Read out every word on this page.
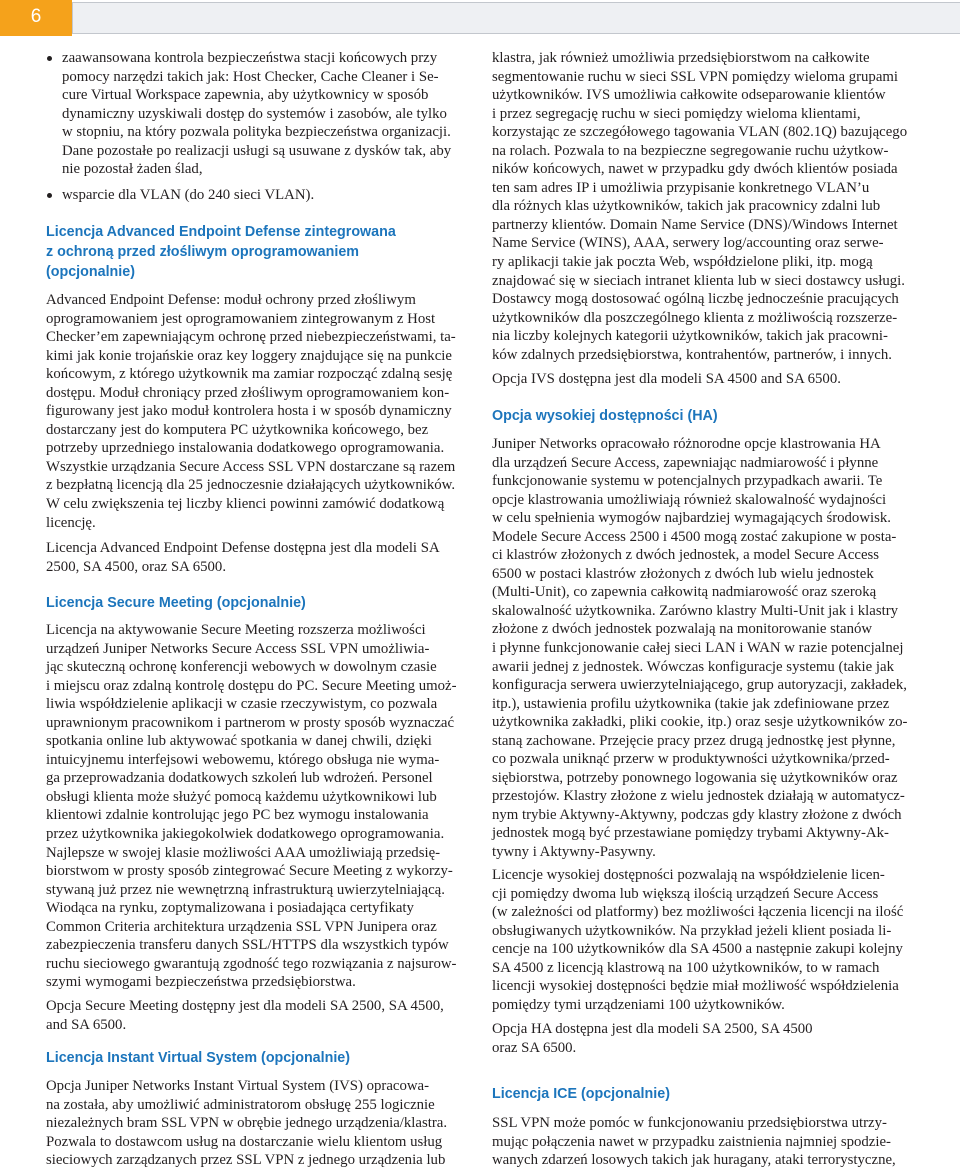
6
zaawansowana kontrola bezpieczeństwa stacji końcowych przy
pomocy narzędzi takich jak: Host Checker, Cache Cleaner i Se-
cure Virtual Workspace zapewnia, aby użytkownicy w sposób
dynamiczny uzyskiwali dostęp do systemów i zasobów, ale tylko
w stopniu, na który pozwala polityka bezpieczeństwa organizacji.
Dane pozostałe po realizacji usługi są usuwane z dysków tak, aby
nie pozostał żaden ślad,
wsparcie dla VLAN (do 240 sieci VLAN).
Licencja Advanced Endpoint Defense zintegrowana
z ochroną przed złośliwym oprogramowaniem
(opcjonalnie)
Advanced Endpoint Defense: moduł ochrony przed złośliwym
oprogramowaniem jest oprogramowaniem zintegrowanym z Host
Checker’em zapewniającym ochronę przed niebezpieczeństwami, ta-
kimi jak konie trojańskie oraz key loggery znajdujące się na punkcie
końcowym, z którego użytkownik ma zamiar rozpocząć zdalną sesję
dostępu. Moduł chroniący przed złośliwym oprogramowaniem kon-
figurowany jest jako moduł kontrolera hosta i w sposób dynamiczny
dostarczany jest do komputera PC użytkownika końcowego, bez
potrzeby uprzedniego instalowania dodatkowego oprogramowania.
Wszystkie urządzania Secure Access SSL VPN dostarczane są razem
z bezpłatną licencją dla 25 jednoczesnie działających użytkowników.
W celu zwiększenia tej liczby klienci powinni zamówić dodatkową
licencję.
Licencja Advanced Endpoint Defense dostępna jest dla modeli SA
2500, SA 4500, oraz SA 6500.
Licencja Secure Meeting (opcjonalnie)
Licencja na aktywowanie Secure Meeting rozszerza możliwości
urządzeń Juniper Networks Secure Access SSL VPN umożliwia-
jąc skuteczną ochronę konferencji webowych w dowolnym czasie
i miejscu oraz zdalną kontrolę dostępu do PC. Secure Meeting umoż-
liwia współdzielenie aplikacji w czasie rzeczywistym, co pozwala
uprawnionym pracownikom i partnerom w prosty sposób wyznaczać
spotkania online lub aktywować spotkania w danej chwili, dzięki
intuicyjnemu interfejsowi webowemu, którego obsługa nie wyma-
ga przeprowadzania dodatkowych szkoleń lub wdrożeń. Personel
obsługi klienta może służyć pomocą każdemu użytkownikowi lub
klientowi zdalnie kontrolując jego PC bez wymogu instalowania
przez użytkownika jakiegokolwiek dodatkowego oprogramowania.
Najlepsze w swojej klasie możliwości AAA umożliwiają przedsię-
biorstwom w prosty sposób zintegrować Secure Meeting z wykorzy-
stywaną już przez nie wewnętrzną infrastrukturą uwierzytelniającą.
Wiodąca na rynku, zoptymalizowana i posiadająca certyfikaty
Common Criteria architektura urządzenia SSL VPN Junipera oraz
zabezpieczenia transferu danych SSL/HTTPS dla wszystkich typów
ruchu sieciowego gwarantują zgodność tego rozwiązania z najsurow-
szymi wymogami bezpieczeństwa przedsiębiorstwa.
Opcja Secure Meeting dostępny jest dla modeli SA 2500, SA 4500,
and SA 6500.
Licencja Instant Virtual System (opcjonalnie)
Opcja Juniper Networks Instant Virtual System (IVS) opracowa-
na została, aby umożliwić administratorom obsługę 255 logicznie
niezależnych bram SSL VPN w obrębie jednego urządzenia/klastra.
Pozwala to dostawcom usług na dostarczanie wielu klientom usług
sieciowych zarządzanych przez SSL VPN z jednego urządzenia lub
klastra, jak również umożliwia przedsiębiorstwom na całkowite
segmentowanie ruchu w sieci SSL VPN pomiędzy wieloma grupami
użytkowników. IVS umożliwia całkowite odseparowanie klientów
i przez segregację ruchu w sieci pomiędzy wieloma klientami,
korzystając ze szczegółowego tagowania VLAN (802.1Q) bazującego
na rolach. Pozwala to na bezpieczne segregowanie ruchu użytkow-
ników końcowych, nawet w przypadku gdy dwóch klientów posiada
ten sam adres IP i umożliwia przypisanie konkretnego VLAN’u
dla różnych klas użytkowników, takich jak pracownicy zdalni lub
partnerzy klientów. Domain Name Service (DNS)/Windows Internet
Name Service (WINS), AAA, serwery log/accounting oraz serwe-
ry aplikacji takie jak poczta Web, współdzielone pliki, itp. mogą
znajdować się w sieciach intranet klienta lub w sieci dostawcy usługi.
Dostawcy mogą dostosować ogólną liczbę jednocześnie pracujących
użytkowników dla poszczególnego klienta z możliwością rozszerze-
nia liczby kolejnych kategorii użytkowników, takich jak pracowni-
ków zdalnych przedsiębiorstwa, kontrahentów, partnerów, i innych.
Opcja IVS dostępna jest dla modeli SA 4500 and SA 6500.
Opcja wysokiej dostępności (HA)
Juniper Networks opracowało różnorodne opcje klastrowania HA
dla urządzeń Secure Access, zapewniając nadmiarowość i płynne
funkcjonowanie systemu w potencjalnych przypadkach awarii. Te
opcje klastrowania umożliwiają również skalowalność wydajności
w celu spełnienia wymogów najbardziej wymagających środowisk.
Modele Secure Access 2500 i 4500 mogą zostać zakupione w posta-
ci klastrów złożonych z dwóch jednostek, a model Secure Access
6500 w postaci klastrów złożonych z dwóch lub wielu jednostek
(Multi-Unit), co zapewnia całkowitą nadmiarowość oraz szeroką
skalowalność użytkownika. Zarówno klastry Multi-Unit jak i klastry
złożone z dwóch jednostek pozwalają na monitorowanie stanów
i płynne funkcjonowanie całej sieci LAN i WAN w razie potencjalnej
awarii jednej z jednostek. Wówczas konfiguracje systemu (takie jak
konfiguracja serwera uwierzytelniającego, grup autoryzacji, zakładek,
itp.), ustawienia profilu użytkownika (takie jak zdefiniowane przez
użytkownika zakładki, pliki cookie, itp.) oraz sesje użytkowników zo-
staną zachowane. Przejęcie pracy przez drugą jednostkę jest płynne,
co pozwala uniknąć przerw w produktywności użytkownika/przed-
siębiorstwa, potrzeby ponownego logowania się użytkowników oraz
przestojów. Klastry złożone z wielu jednostek działają w automatycz-
nym trybie Aktywny-Aktywny, podczas gdy klastry złożone z dwóch
jednostek mogą być przestawiane pomiędzy trybami Aktywny-Ak-
tywny i Aktywny-Pasywny.
Licencje wysokiej dostępności pozwalają na współdzielenie licen-
cji pomiędzy dwoma lub większą ilością urządzeń Secure Access
(w zależności od platformy) bez możliwości łączenia licencji na ilość
obsługiwanych użytkowników. Na przykład jeżeli klient posiada li-
cencje na 100 użytkowników dla SA 4500 a następnie zakupi kolejny
SA 4500 z licencją klastrową na 100 użytkowników, to w ramach
licencji wysokiej dostępności będzie miał możliwość współdzielenia
pomiędzy tymi urządzeniami 100 użytkowników.
Opcja HA dostępna jest dla modeli SA 2500, SA 4500
oraz SA 6500.
Licencja ICE (opcjonalnie)
SSL VPN może pomóc w funkcjonowaniu przedsiębiorstwa utrzy-
mując połączenia nawet w przypadku zaistnienia najmniej spodzie-
wanych zdarzeń losowych takich jak huragany, ataki terrorystyczne,
